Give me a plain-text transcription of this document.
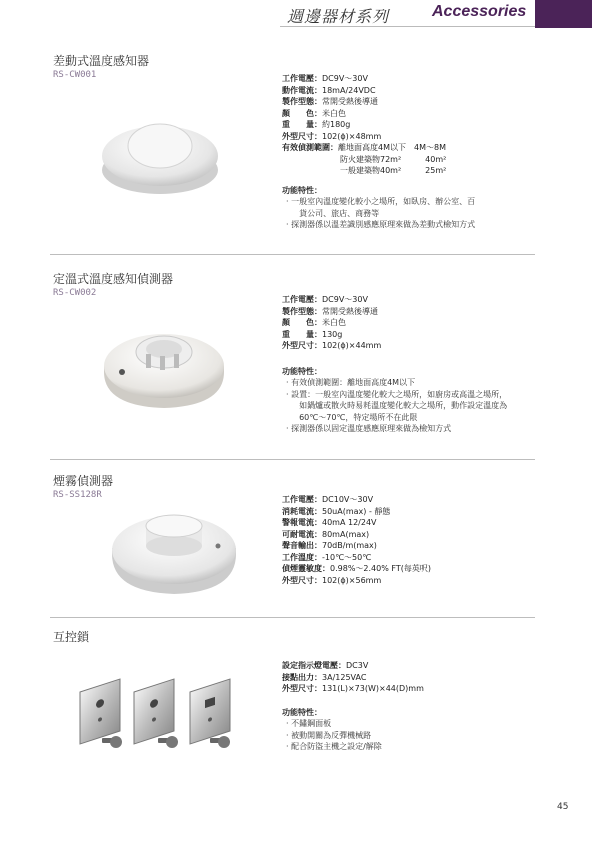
週邊器材系列	Accessories
差動式溫度感知器
RS-CW001	工作電壓：DC9V～30V
動作電流：18mA/24VDC
製作型態：常開受熱後導通
顏　　色：米白色
重　　量：約180g
外型尺寸：102(ϕ)×48mm
有效偵測範圍：離地面高度4M以下　4M～8M
防火建築物72m²　　　40m²
一般建築物40m²　　　25m²
功能特性：
· 一般室內溫度變化較小之場所，如臥房、辦公室、百
　貨公司、旅店、商務等
· 探測器係以溫差識別感應原理來做為差動式檢知方式
定溫式溫度感知偵測器
RS-CW002
工作電壓：DC9V～30V
製作型態：常開受熱後導通
顏　　色：米白色
重　　量：130g
外型尺寸：102(ϕ)×44mm
功能特性：
· 有效偵測範圍：離地面高度4M以下
· 設置：一般室內溫度變化較大之場所，如廚房或高溫之場所，
　如鍋爐或散火時易耗溫度變化較大之場所，動作設定溫度為
　60℃～70℃，特定場所不在此限
· 探測器係以固定溫度感應原理來做為檢知方式
煙霧偵測器
RS-SS128R	工作電壓：DC10V～30V
消耗電流：50uA(max) - 靜態
警報電流：40mA 12/24V
可耐電流：80mA(max)
聲音輸出：70dB/m(max)
工作溫度：-10℃～50℃
偵煙靈敏度：0.98%～2.40% FT(每英呎)
外型尺寸：102(ϕ)×56mm
互控鎖
設定指示燈電壓：DC3V
接點出力：3A/125VAC
外型尺寸：131(L)×73(W)×44(D)mm
功能特性：
· 不鏽鋼面板
· 被動開關為反彈機械路
· 配合防盜主機之設定/解除
45
